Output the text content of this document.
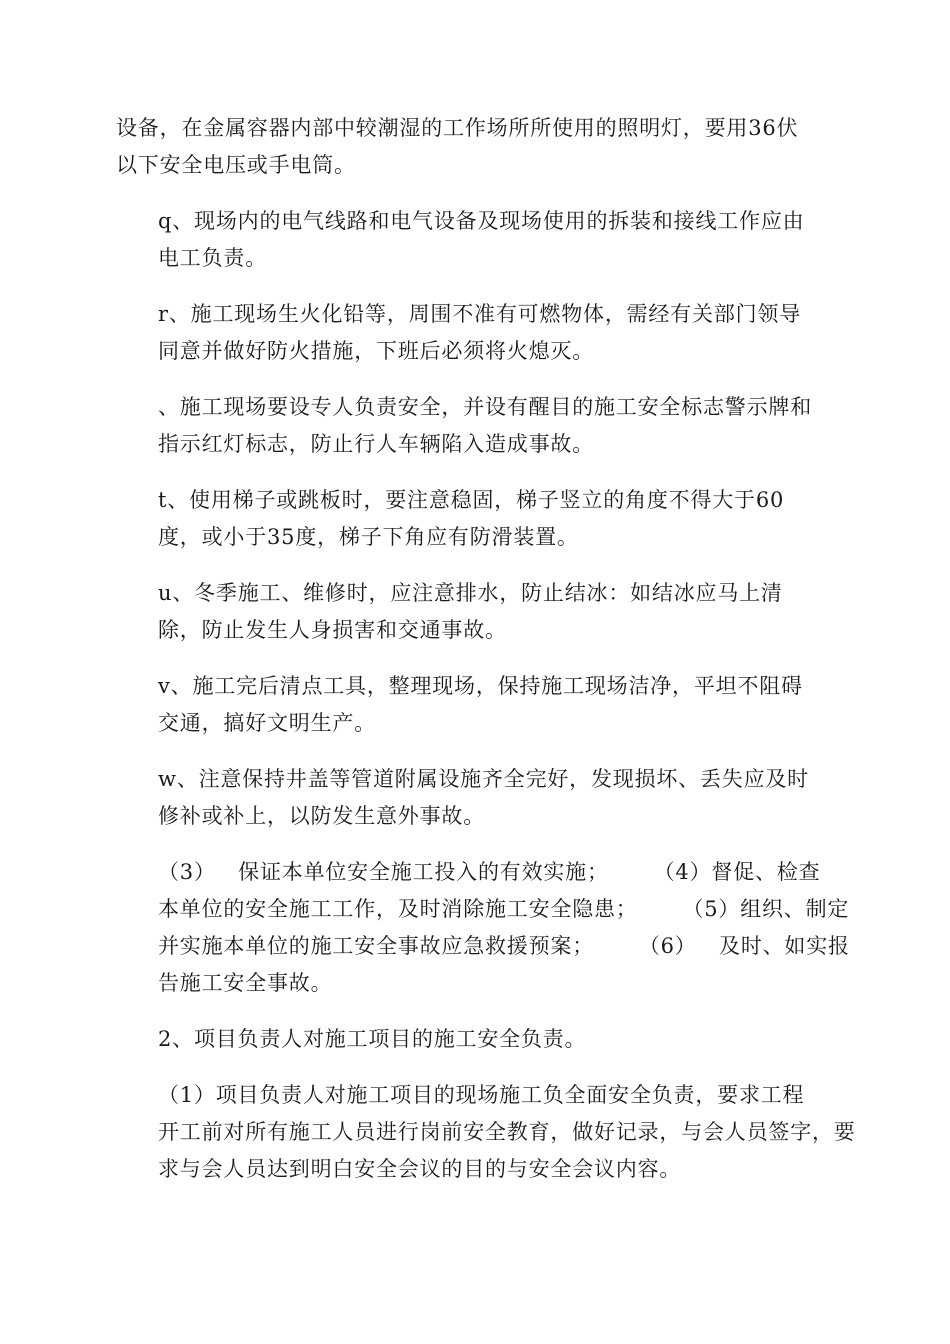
设备，在金属容器内部中较潮湿的工作场所所使用的照明灯，要用36伏
以下安全电压或手电筒。

q、现场内的电气线路和电气设备及现场使用的拆装和接线工作应由
电工负责。

r、施工现场生火化铅等，周围不准有可燃物体，需经有关部门领导
同意并做好防火措施，下班后必须将火熄灭。

、施工现场要设专人负责安全，并设有醒目的施工安全标志警示牌和
指示红灯标志，防止行人车辆陷入造成事故。

t、使用梯子或跳板时，要注意稳固，梯子竖立的角度不得大于60
度，或小于35度，梯子下角应有防滑装置。

u、冬季施工、维修时，应注意排水，防止结冰：如结冰应马上清
除，防止发生人身损害和交通事故。

v、施工完后清点工具，整理现场，保持施工现场洁净，平坦不阻碍
交通，搞好文明生产。

w、注意保持井盖等管道附属设施齐全完好，发现损坏、丢失应及时
修补或补上，以防发生意外事故。

（3）   保证本单位安全施工投入的有效实施；      （4）督促、检查
本单位的安全施工工作，及时消除施工安全隐患；      （5）组织、制定
并实施本单位的施工安全事故应急救援预案；      （6）   及时、如实报
告施工安全事故。

2、项目负责人对施工项目的施工安全负责。

（1）项目负责人对施工项目的现场施工负全面安全负责，要求工程
开工前对所有施工人员进行岗前安全教育，做好记录，与会人员签字，要
求与会人员达到明白安全会议的目的与安全会议内容。
